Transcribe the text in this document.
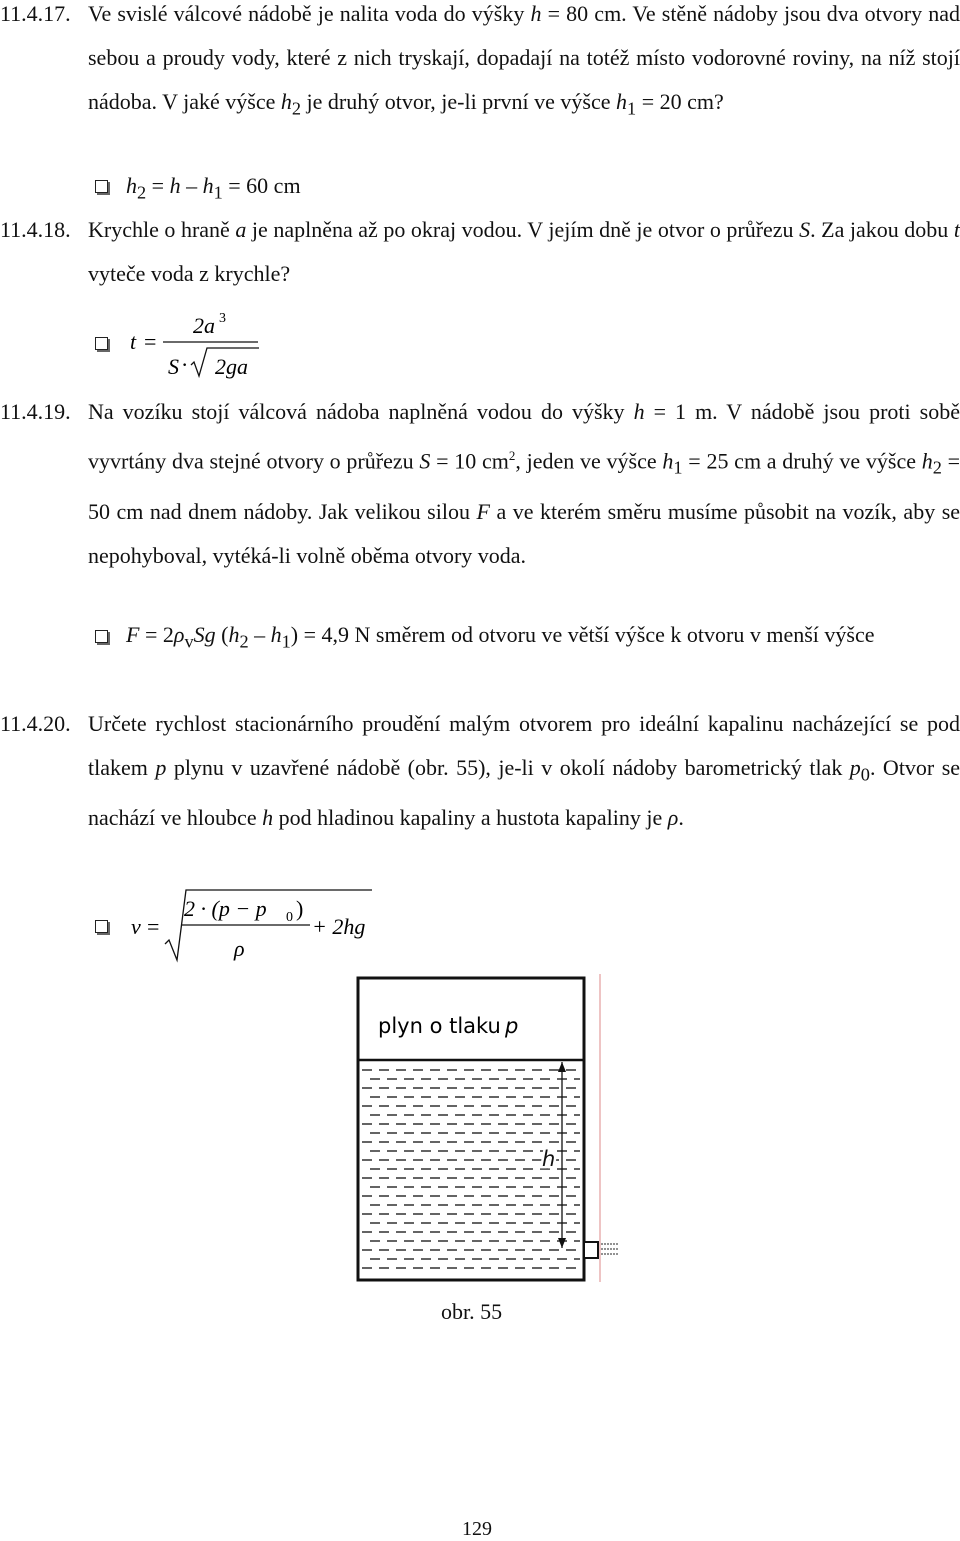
11.4.17. Ve svislé válcové nádobě je nalita voda do výšky h = 80 cm. Ve stěně nádoby jsou dva otvory nad sebou a proudy vody, které z nich tryskají, dopadají na totéž místo vodorovné roviny, na níž stojí nádoba. V jaké výšce $h_2$ je druhý otvor, je-li první ve výšce $h_1 = 20$ cm?
$h_2 = h - h_1 = 60$ cm
11.4.18. Krychle o hraně a je naplněna až po okraj vodou. V jejím dně je otvor o průřezu S. Za jakou dobu t vyteče voda z krychle?
t =
2a 3
S · 2ga
11.4.19. Na vozíku stojí válcová nádoba naplněná vodou do výšky h = 1 m. V nádobě jsou proti sobě vyvrtány dva stejné otvory o průřezu S = 10 $cm^2$, jeden ve výšce $h_1 = 25$ cm a druhý ve výšce $h_2 = 50$ cm nad dnem nádoby. Jak velikou silou F a ve kterém směru musíme působit na vozík, aby se nepohyboval, vytéká-li volně oběma otvory voda.
$F = 2\rho_vSg$ $(h_2 - h_1) = 4,9$ N směrem od otvoru ve větší výšce k otvoru v menší výšce
11.4.20. Určete rychlost stacionárního proudění malým otvorem pro ideální kapalinu nacházející se pod tlakem p plynu v uzavřené nádobě (obr. 55), je-li v okolí nádoby barometrický tlak $p_0$. Otvor se nachází ve hloubce h pod hladinou kapaliny a hustota kapaliny je ρ.
v =
2 · (p − p 0 )
ρ
+ 2hg
plyn o tlaku p
h
obr. 55
129
